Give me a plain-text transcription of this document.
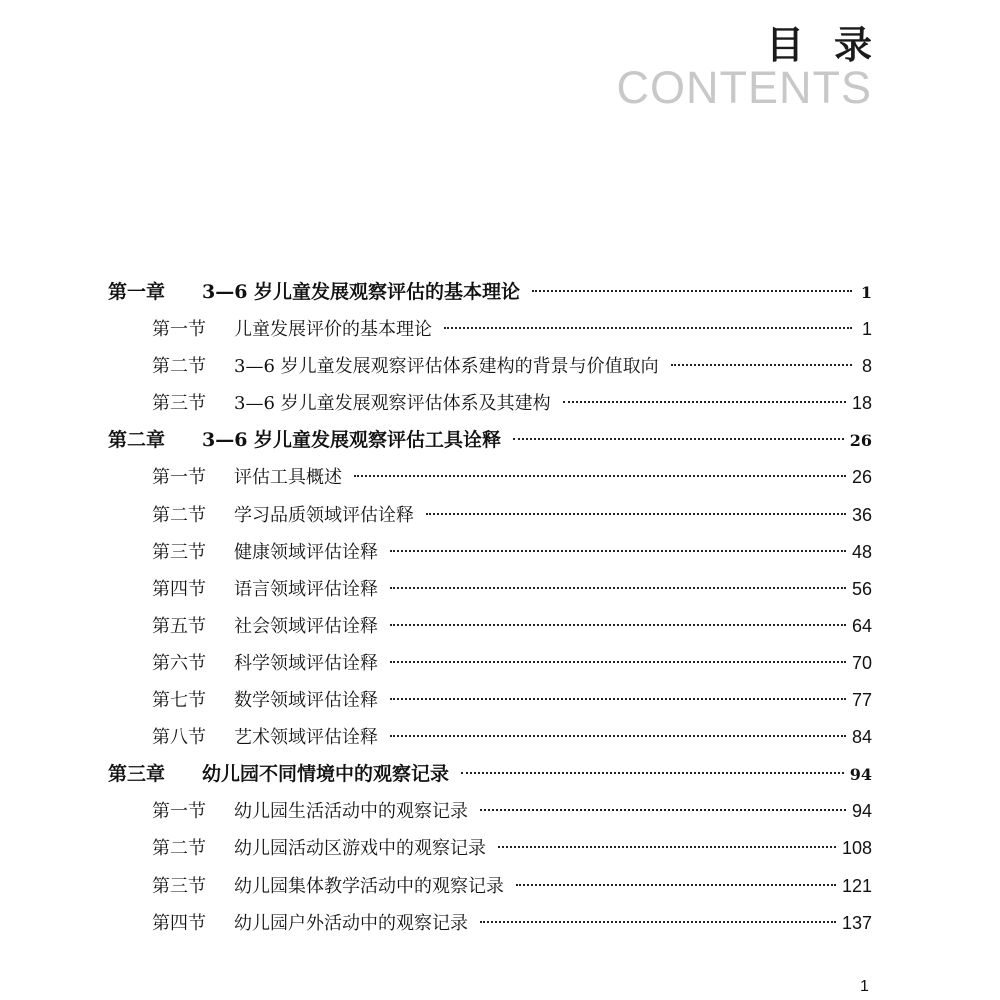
目录
CONTENTS
第一章	3—6 岁儿童发展观察评估的基本理论	1
第一节	儿童发展评价的基本理论	1
第二节	3—6 岁儿童发展观察评估体系建构的背景与价值取向	8
第三节	3—6 岁儿童发展观察评估体系及其建构	18
第二章	3—6 岁儿童发展观察评估工具诠释	26
第一节	评估工具概述	26
第二节	学习品质领域评估诠释	36
第三节	健康领域评估诠释	48
第四节	语言领域评估诠释	56
第五节	社会领域评估诠释	64
第六节	科学领域评估诠释	70
第七节	数学领域评估诠释	77
第八节	艺术领域评估诠释	84
第三章	幼儿园不同情境中的观察记录	94
第一节	幼儿园生活活动中的观察记录	94
第二节	幼儿园活动区游戏中的观察记录	108
第三节	幼儿园集体教学活动中的观察记录	121
第四节	幼儿园户外活动中的观察记录	137
1
